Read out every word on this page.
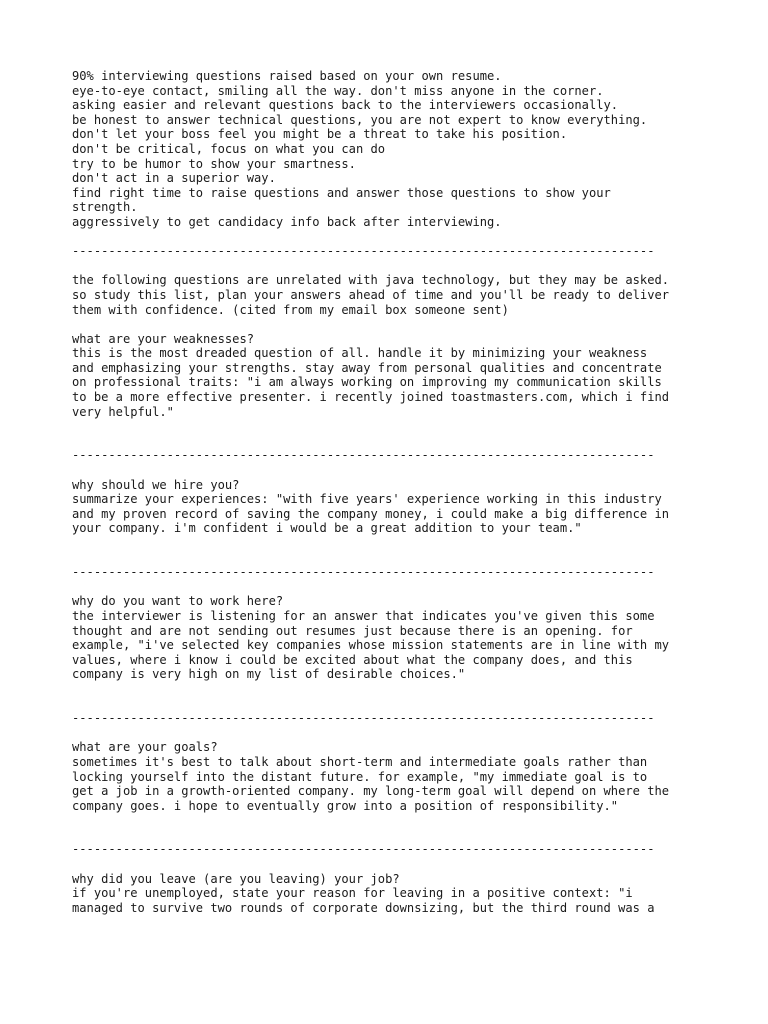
90% interviewing questions raised based on your own resume.
eye-to-eye contact, smiling all the way. don't miss anyone in the corner.
asking easier and relevant questions back to the interviewers occasionally.
be honest to answer technical questions, you are not expert to know everything.
don't let your boss feel you might be a threat to take his position.
don't be critical, focus on what you can do
try to be humor to show your smartness.
don't act in a superior way.
find right time to raise questions and answer those questions to show your
strength.
aggressively to get candidacy info back after interviewing.
--------------------------------------------------------------------------------
the following questions are unrelated with java technology, but they may be asked.
so study this list, plan your answers ahead of time and you'll be ready to deliver
them with confidence. (cited from my email box someone sent)
what are your weaknesses?
this is the most dreaded question of all. handle it by minimizing your weakness
and emphasizing your strengths. stay away from personal qualities and concentrate
on professional traits: "i am always working on improving my communication skills
to be a more effective presenter. i recently joined toastmasters.com, which i find
very helpful."
--------------------------------------------------------------------------------
why should we hire you?
summarize your experiences: "with five years' experience working in this industry
and my proven record of saving the company money, i could make a big difference in
your company. i'm confident i would be a great addition to your team."
--------------------------------------------------------------------------------
why do you want to work here?
the interviewer is listening for an answer that indicates you've given this some
thought and are not sending out resumes just because there is an opening. for
example, "i've selected key companies whose mission statements are in line with my
values, where i know i could be excited about what the company does, and this
company is very high on my list of desirable choices."
--------------------------------------------------------------------------------
what are your goals?
sometimes it's best to talk about short-term and intermediate goals rather than
locking yourself into the distant future. for example, "my immediate goal is to
get a job in a growth-oriented company. my long-term goal will depend on where the
company goes. i hope to eventually grow into a position of responsibility."
--------------------------------------------------------------------------------
why did you leave (are you leaving) your job?
if you're unemployed, state your reason for leaving in a positive context: "i
managed to survive two rounds of corporate downsizing, but the third round was a
